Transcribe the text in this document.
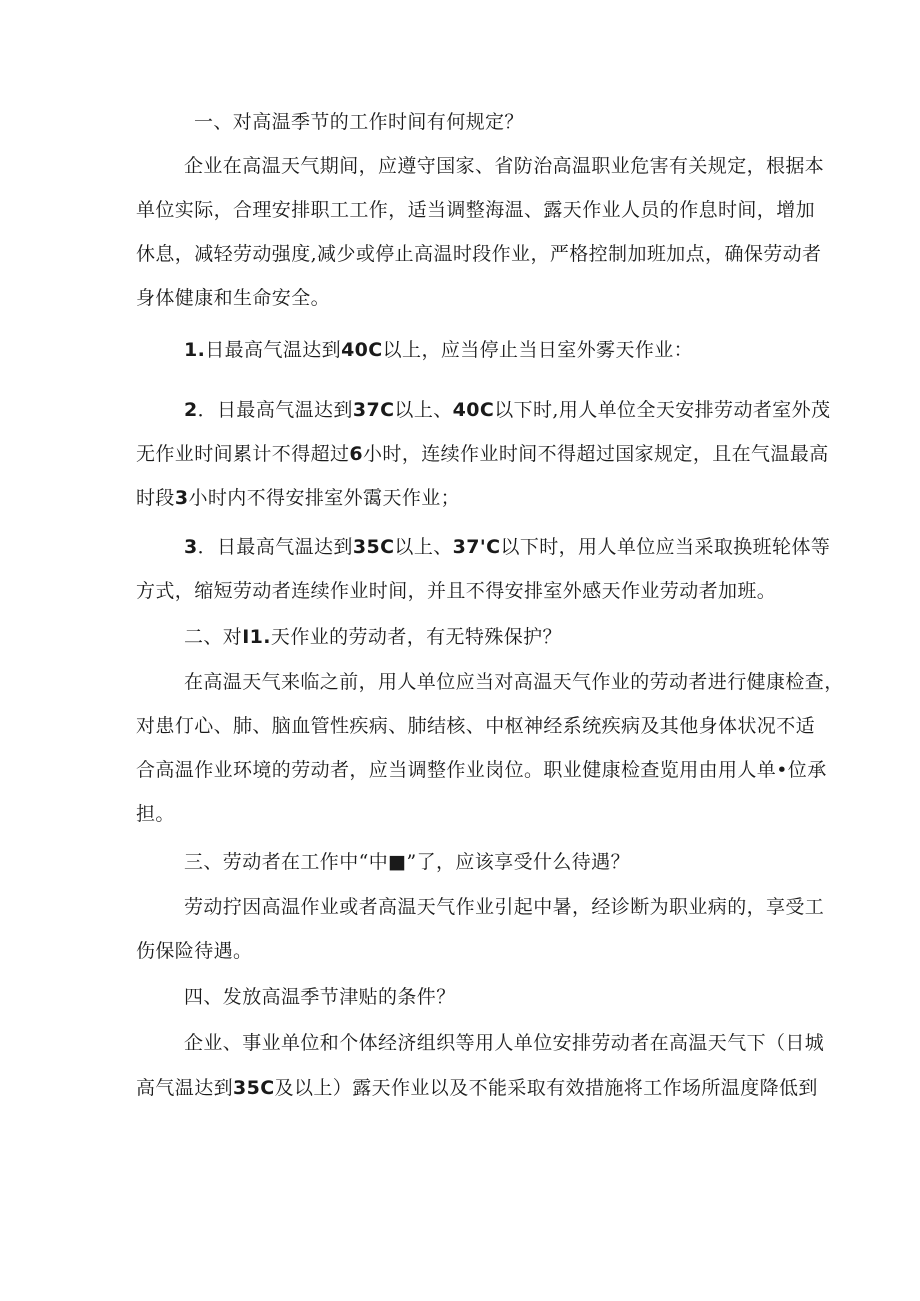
一、对高温季节的工作时间有何规定？
企业在高温天气期间，应遵守国家、省防治高温职业危害有关规定，根据本
单位实际，合理安排职工工作，适当调整海温、露天作业人员的作息时间，增加
休息，减轻劳动强度,减少或停止高温时段作业，严格控制加班加点，确保劳动者
身体健康和生命安全。
1.日最高气温达到40C以上，应当停止当日室外雾天作业：
2．日最高气温达到37C以上、40C以下时,用人单位全天安排劳动者室外茂
无作业时间累计不得超过6小时，连续作业时间不得超过国家规定，且在气温最高
时段3小时内不得安排室外霭天作业；
3．日最高气温达到35C以上、37'C以下时，用人单位应当采取换班轮体等
方式，缩短劳动者连续作业时间，并且不得安排室外感天作业劳动者加班。
二、对I1.天作业的劳动者，有无特殊保护？
在高温天气来临之前，用人单位应当对高温天气作业的劳动者进行健康检查，
对患仃心、肺、脑血管性疾病、肺结核、中枢神经系统疾病及其他身体状况不适
合高温作业环境的劳动者，应当调整作业岗位。职业健康检查览用由用人单•位承
担。
三、劳动者在工作中“中■”了，应该享受什么待遇？
劳动拧因高温作业或者高温天气作业引起中暑，经诊断为职业病的，享受工
伤保险待遇。
四、发放高温季节津贴的条件？
企业、事业单位和个体经济组织等用人单位安排劳动者在高温天气下（日城
高气温达到35C及以上）露天作业以及不能采取有效措施将工作场所温度降低到
